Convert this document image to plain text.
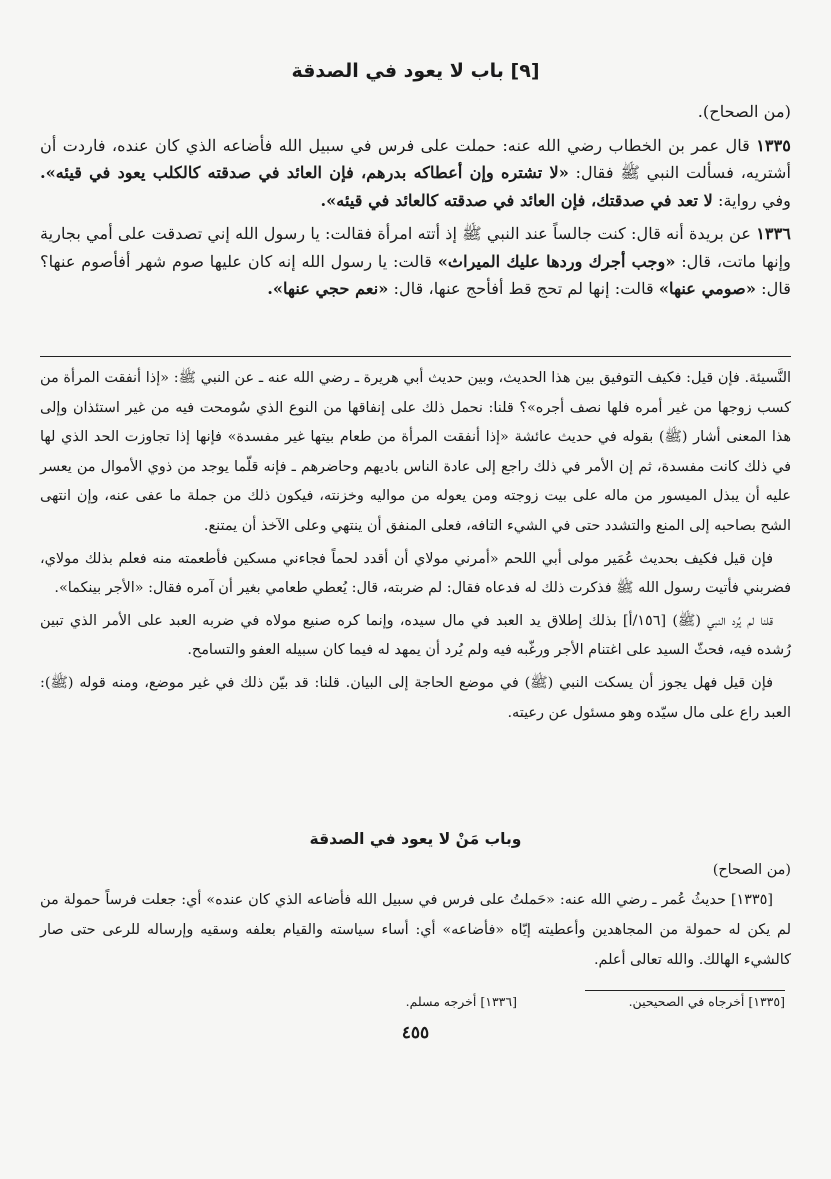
[٩] باب لا يعود في الصدقة

(من الصحاح).

١٣٣٥ قال عمر بن الخطاب رضي الله عنه: حملت على فرس في سبيل الله فأضاعه الذي كان عنده، فاردت أن أشتريه، فسألت النبي ﷺ فقال: «لا تشتره وإن أعطاكه بدرهم، فإن العائد في صدقته كالكلب يعود في قيئه». وفي رواية: لا تعد في صدقتك، فإن العائد في صدقته كالعائد في قيئه».

١٣٣٦ عن بريدة أنه قال: كنت جالساً عند النبي ﷺ إذ أتته امرأة فقالت: يا رسول الله إني تصدقت على أمي بجارية وإنها ماتت، قال: «وجب أجرك وردها عليك الميراث» قالت: يا رسول الله إنه كان عليها صوم شهر أفأصوم عنها؟ قال: «صومي عنها» قالت: إنها لم تحج قط أفأحج عنها، قال: «نعم حجي عنها».

النَّسيئة. فإن قيل: فكيف التوفيق بين هذا الحديث، وبين حديث أبي هريرة ـ رضي الله عنه ـ عن النبي ﷺ: «إذا أنفقت المرأة من كسب زوجها من غير أمره فلها نصف أجره»؟ قلنا: نحمل ذلك على إنفاقها من النوع الذي سُومحت فيه من غير استئذان وإلى هذا المعنى أشار (ﷺ) بقوله في حديث عائشة «إذا أنفقت المرأة من طعام بيتها غير مفسدة» فإنها إذا تجاوزت الحد الذي لها في ذلك كانت مفسدة، ثم إن الأمر في ذلك راجع إلى عادة الناس باديهم وحاضرهم ـ فإنه قلّما يوجد من ذوي الأموال من يعسر عليه أن يبذل الميسور من ماله على بيت زوجته ومن يعوله من مواليه وخزنته، فيكون ذلك من جملة ما عفى عنه، وإن انتهى الشح بصاحبه إلى المنع والتشدد حتى في الشيء التافه، فعلى المنفق أن ينتهي وعلى الآخذ أن يمتنع.

فإن قيل فكيف بحديث عُمَير مولى أبي اللحم «أمرني مولاي أن أقدد لحماً فجاءني مسكين فأطعمته منه فعلم بذلك مولاي، فضربني فأتيت رسول الله ﷺ فذكرت ذلك له فدعاه فقال: لم ضربته، قال: يُعطي طعامي بغير أن آمره فقال: «الأجر بينكما».

قلنا لم يُرد النبي (ﷺ) [١٥٦/أ] بذلك إطلاق يد العبد في مال سيده، وإنما كره صنيع مولاه في ضربه العبد على الأمر الذي تبين رُشده فيه، فحثّ السيد على اغتنام الأجر ورغّبه فيه ولم يُرد أن يمهد له فيما كان سبيله العفو والتسامح.

فإن قيل فهل يجوز أن يسكت النبي (ﷺ) في موضع الحاجة إلى البيان. قلنا: قد بيّن ذلك في غير موضع، ومنه قوله (ﷺ): العبد راع على مال سيّده وهو مسئول عن رعيته.

وباب مَنْ لا يعود في الصدقة

(من الصحاح)

[١٣٣٥] حديثُ عُمر ـ رضي الله عنه: «حَملتُ على فرس في سبيل الله فأضاعه الذي كان عنده» أي: جعلت فرساً حمولة من لم يكن له حمولة من المجاهدين وأعطيته إيّاه «فأضاعه» أي: أساء سياسته والقيام بعلفه وسقيه وإرساله للرعى حتى صار كالشيء الهالك. والله تعالى أعلم.

[١٣٣٥] أخرجاه في الصحيحين.
[١٣٣٦] أخرجه مسلم.
٤٥٥
